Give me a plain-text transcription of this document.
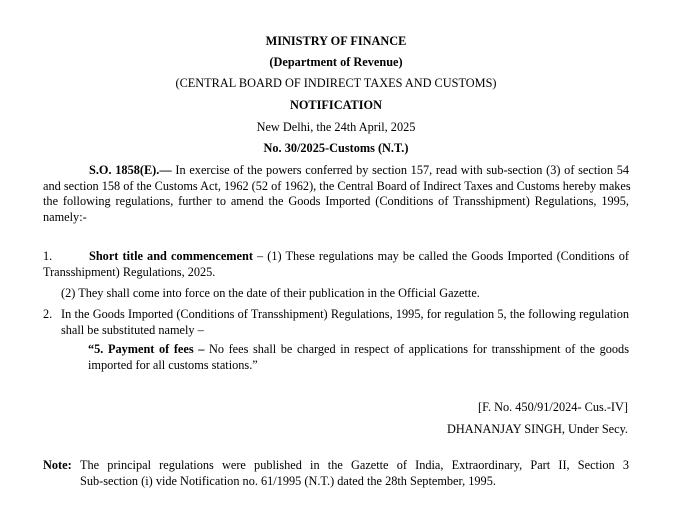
MINISTRY OF FINANCE
(Department of Revenue)
(CENTRAL BOARD OF INDIRECT TAXES AND CUSTOMS)
NOTIFICATION
New Delhi, the 24th April, 2025
No. 30/2025-Customs (N.T.)
S.O. 1858(E).— In exercise of the powers conferred by section 157, read with sub-section (3) of section 54
and section 158 of the Customs Act, 1962 (52 of 1962), the Central Board of Indirect Taxes and Customs hereby makes
the following regulations, further to amend the Goods Imported (Conditions of Transshipment) Regulations, 1995,
namely:-
1.	Short title and commencement – (1) These regulations may be called the Goods Imported (Conditions of
Transshipment) Regulations, 2025.
(2) They shall come into force on the date of their publication in the Official Gazette.
2. In the Goods Imported (Conditions of Transshipment) Regulations, 1995, for regulation 5, the following regulation
shall be substituted namely –
“5. Payment of fees – No fees shall be charged in respect of applications for transshipment of the goods
imported for all customs stations.”
[F. No. 450/91/2024- Cus.-IV]
DHANANJAY SINGH, Under Secy.
Note: The principal regulations were published in the Gazette of India, Extraordinary, Part II, Section 3
Sub-section (i) vide Notification no. 61/1995 (N.T.) dated the 28th September, 1995.
